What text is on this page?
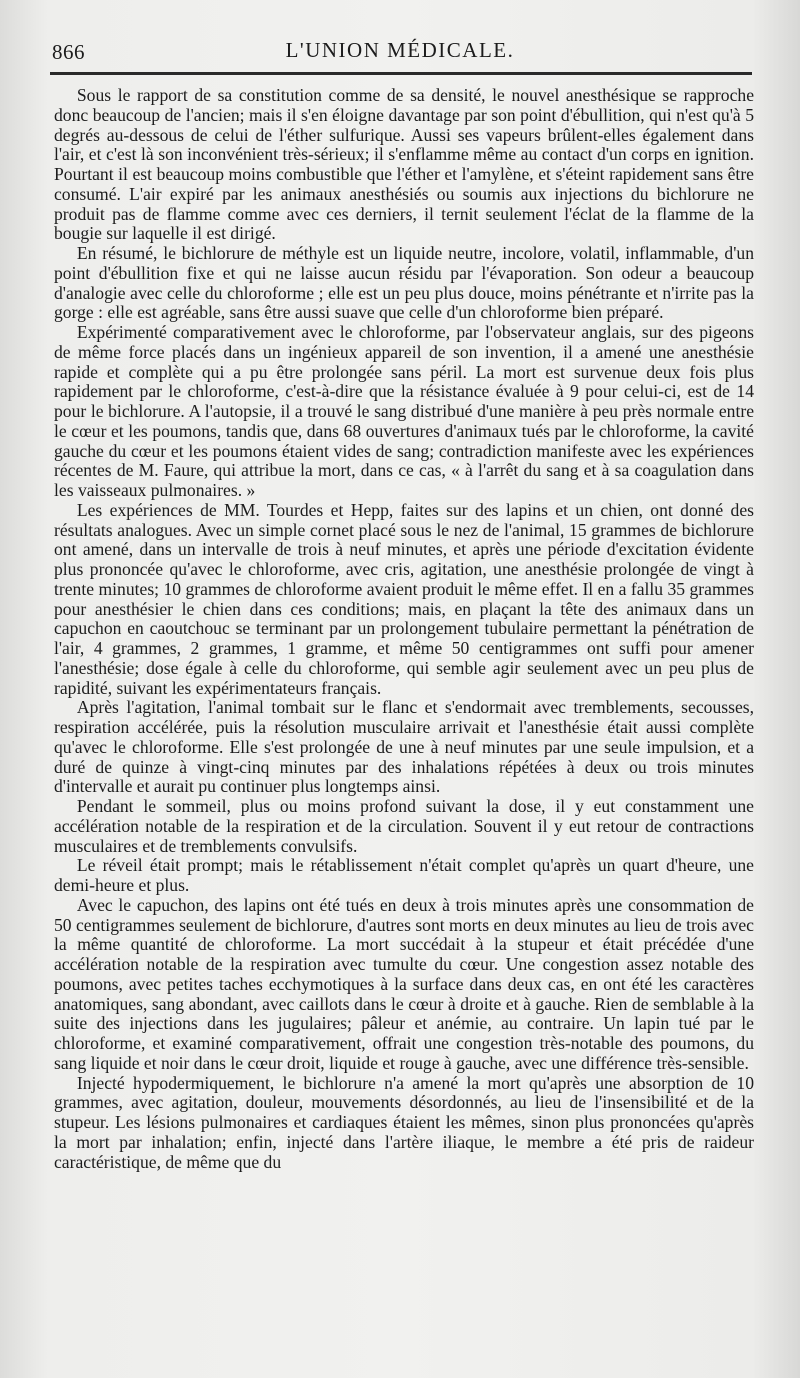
866	L'UNION MÉDICALE.

Sous le rapport de sa constitution comme de sa densité, le nouvel anesthésique se rapproche donc beaucoup de l'ancien; mais il s'en éloigne davantage par son point d'ébullition, qui n'est qu'à 5 degrés au-dessous de celui de l'éther sulfurique. Aussi ses vapeurs brûlent-elles également dans l'air, et c'est là son inconvénient très-sérieux; il s'enflamme même au contact d'un corps en ignition. Pourtant il est beaucoup moins combustible que l'éther et l'amylène, et s'éteint rapidement sans être consumé. L'air expiré par les animaux anesthésiés ou soumis aux injections du bichlorure ne produit pas de flamme comme avec ces derniers, il ternit seulement l'éclat de la flamme de la bougie sur laquelle il est dirigé.

En résumé, le bichlorure de méthyle est un liquide neutre, incolore, volatil, inflammable, d'un point d'ébullition fixe et qui ne laisse aucun résidu par l'évaporation. Son odeur a beaucoup d'analogie avec celle du chloroforme ; elle est un peu plus douce, moins pénétrante et n'irrite pas la gorge : elle est agréable, sans être aussi suave que celle d'un chloroforme bien préparé.

Expérimenté comparativement avec le chloroforme, par l'observateur anglais, sur des pigeons de même force placés dans un ingénieux appareil de son invention, il a amené une anesthésie rapide et complète qui a pu être prolongée sans péril. La mort est survenue deux fois plus rapidement par le chloroforme, c'est-à-dire que la résistance évaluée à 9 pour celui-ci, est de 14 pour le bichlorure. A l'autopsie, il a trouvé le sang distribué d'une manière à peu près normale entre le cœur et les poumons, tandis que, dans 68 ouvertures d'animaux tués par le chloroforme, la cavité gauche du cœur et les poumons étaient vides de sang; contradiction manifeste avec les expériences récentes de M. Faure, qui attribue la mort, dans ce cas, « à l'arrêt du sang et à sa coagulation dans les vaisseaux pulmonaires. »

Les expériences de MM. Tourdes et Hepp, faites sur des lapins et un chien, ont donné des résultats analogues. Avec un simple cornet placé sous le nez de l'animal, 15 grammes de bichlorure ont amené, dans un intervalle de trois à neuf minutes, et après une période d'excitation évidente plus prononcée qu'avec le chloroforme, avec cris, agitation, une anesthésie prolongée de vingt à trente minutes; 10 grammes de chloroforme avaient produit le même effet. Il en a fallu 35 grammes pour anesthésier le chien dans ces conditions; mais, en plaçant la tête des animaux dans un capuchon en caoutchouc se terminant par un prolongement tubulaire permettant la pénétration de l'air, 4 grammes, 2 grammes, 1 gramme, et même 50 centigrammes ont suffi pour amener l'anesthésie; dose égale à celle du chloroforme, qui semble agir seulement avec un peu plus de rapidité, suivant les expérimentateurs français.

Après l'agitation, l'animal tombait sur le flanc et s'endormait avec tremblements, secousses, respiration accélérée, puis la résolution musculaire arrivait et l'anesthésie était aussi complète qu'avec le chloroforme. Elle s'est prolongée de une à neuf minutes par une seule impulsion, et a duré de quinze à vingt-cinq minutes par des inhalations répétées à deux ou trois minutes d'intervalle et aurait pu continuer plus longtemps ainsi.

Pendant le sommeil, plus ou moins profond suivant la dose, il y eut constamment une accélération notable de la respiration et de la circulation. Souvent il y eut retour de contractions musculaires et de tremblements convulsifs.

Le réveil était prompt; mais le rétablissement n'était complet qu'après un quart d'heure, une demi-heure et plus.

Avec le capuchon, des lapins ont été tués en deux à trois minutes après une consommation de 50 centigrammes seulement de bichlorure, d'autres sont morts en deux minutes au lieu de trois avec la même quantité de chloroforme. La mort succédait à la stupeur et était précédée d'une accélération notable de la respiration avec tumulte du cœur. Une congestion assez notable des poumons, avec petites taches ecchymotiques à la surface dans deux cas, en ont été les caractères anatomiques, sang abondant, avec caillots dans le cœur à droite et à gauche. Rien de semblable à la suite des injections dans les jugulaires; pâleur et anémie, au contraire. Un lapin tué par le chloroforme, et examiné comparativement, offrait une congestion très-notable des poumons, du sang liquide et noir dans le cœur droit, liquide et rouge à gauche, avec une différence très-sensible.

Injecté hypodermiquement, le bichlorure n'a amené la mort qu'après une absorption de 10 grammes, avec agitation, douleur, mouvements désordonnés, au lieu de l'insensibilité et de la stupeur. Les lésions pulmonaires et cardiaques étaient les mêmes, sinon plus prononcées qu'après la mort par inhalation; enfin, injecté dans l'artère iliaque, le membre a été pris de raideur caractéristique, de même que du
